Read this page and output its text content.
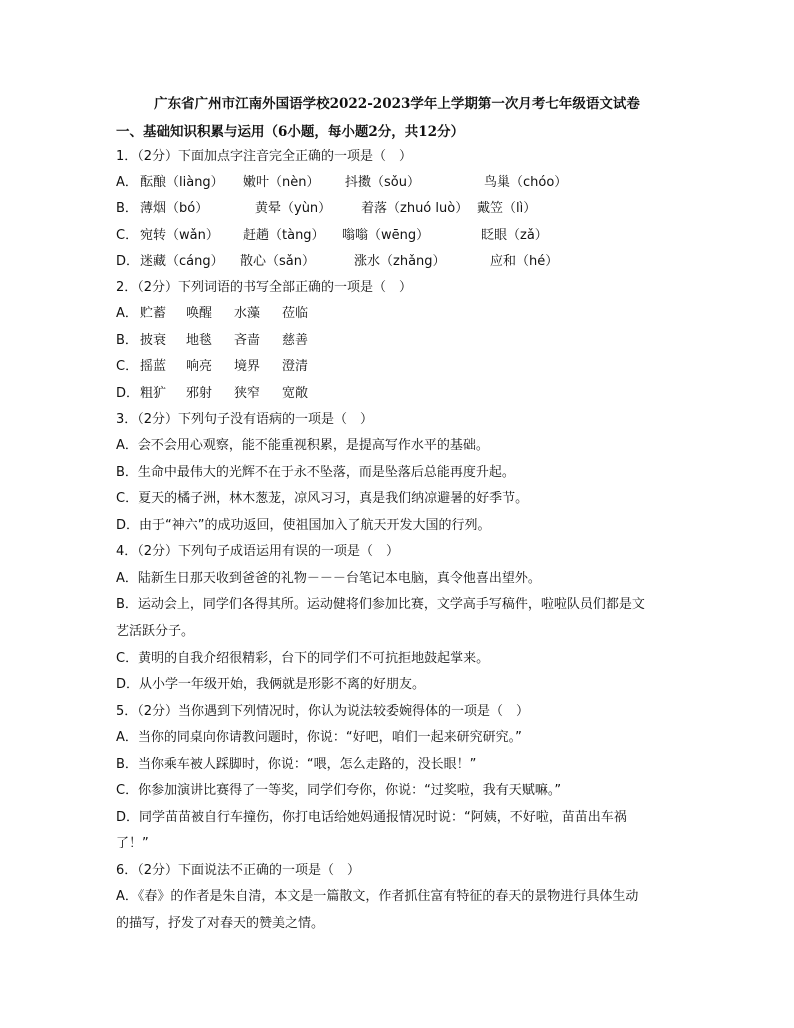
广东省广州市江南外国语学校2022-2023学年上学期第一次月考七年级语文试卷
一、基础知识积累与运用（6小题，每小题2分，共12分）
1．（2分）下面加点字注音完全正确的一项是（　）
A． 酝酿（liàng） 嫩叶（nèn） 抖擞（sǒu）	鸟巢（chóo）
B． 薄烟（bó）	黄晕（yùn） 着落（zhuó luò） 戴笠（lì）
C． 宛转（wǎn） 赶趟（tàng） 嗡嗡（wēng）	眨眼（zǎ）
D． 迷藏（cáng） 散心（sǎn）	涨水（zhǎng）	应和（hé）
2．（2分）下列词语的书写全部正确的一项是（　）
A． 贮蓄 唤醒 水藻 莅临
B． 披衰 地毯 吝啬 慈善
C． 摇蓝 响亮 境界 澄清
D． 粗犷 邪射 狭窄 宽敞
3．（2分）下列句子没有语病的一项是（　）
A．会不会用心观察，能不能重视积累，是提高写作水平的基础。
B．生命中最伟大的光辉不在于永不坠落，而是坠落后总能再度升起。
C．夏天的橘子洲，林木葱茏，凉风习习，真是我们纳凉避暑的好季节。
D．由于“神六”的成功返回，使祖国加入了航天开发大国的行列。
4．（2分）下列句子成语运用有误的一项是（　）
A．陆新生日那天收到爸爸的礼物－－－台笔记本电脑，真令他喜出望外。
B．运动会上，同学们各得其所。运动健将们参加比赛，文学高手写稿件，啦啦队员们都是文
艺活跃分子。
C．黄明的自我介绍很精彩，台下的同学们不可抗拒地鼓起掌来。
D．从小学一年级开始，我俩就是形影不离的好朋友。
5．（2分）当你遇到下列情况时，你认为说法较委婉得体的一项是（　）
A．当你的同桌向你请教问题时，你说：“好吧，咱们一起来研究研究。”
B．当你乘车被人踩脚时，你说：“喂，怎么走路的，没长眼！”
C．你参加演讲比赛得了一等奖，同学们夸你，你说：“过奖啦，我有天赋嘛。”
D．同学苗苗被自行车撞伤，你打电话给她妈通报情况时说：“阿姨，不好啦，苗苗出车祸
了！”
6．（2分）下面说法不正确的一项是（　）
A．《春》的作者是朱自清，本文是一篇散文，作者抓住富有特征的春天的景物进行具体生动
的描写，抒发了对春天的赞美之情。
